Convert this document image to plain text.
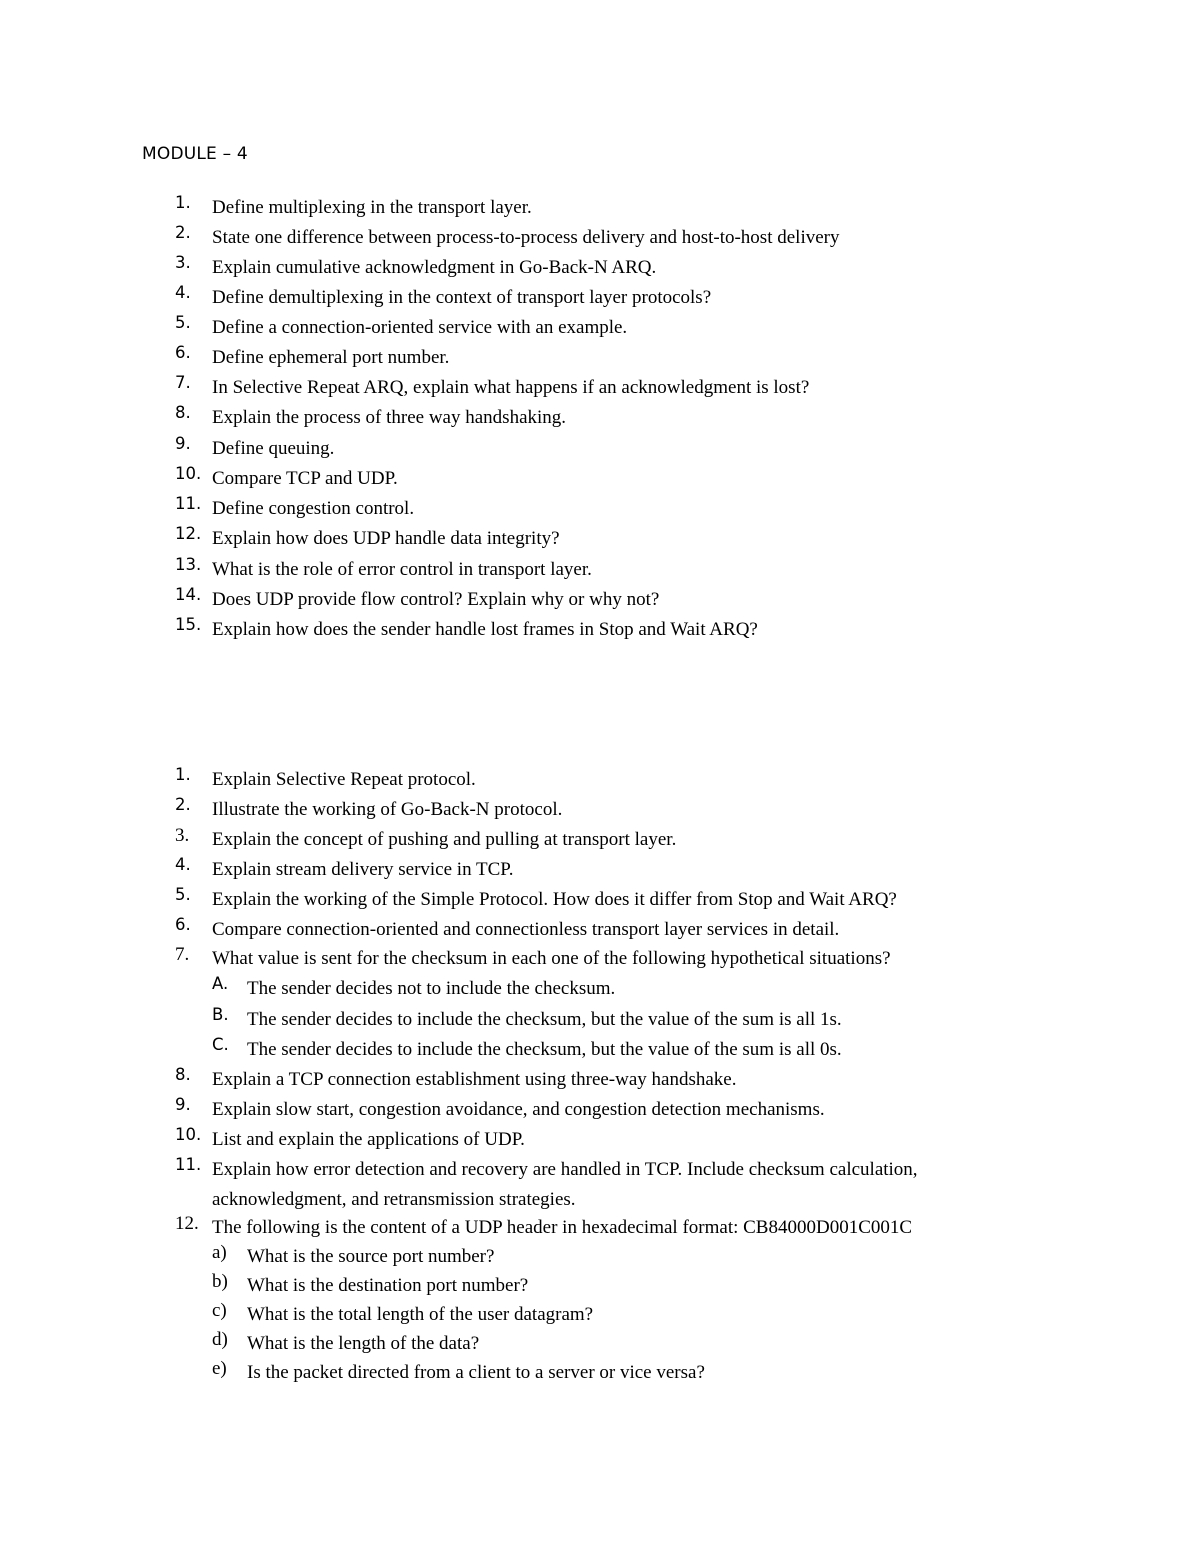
MODULE – 4
1. Define multiplexing in the transport layer.
2. State one difference between process-to-process delivery and host-to-host delivery
3. Explain cumulative acknowledgment in Go-Back-N ARQ.
4. Define demultiplexing in the context of transport layer protocols?
5. Define a connection-oriented service with an example.
6. Define ephemeral port number.
7. In Selective Repeat ARQ, explain what happens if an acknowledgment is lost?
8. Explain the process of three way handshaking.
9. Define queuing.
10. Compare TCP and UDP.
11. Define congestion control.
12. Explain how does UDP handle data integrity?
13. What is the role of error control in transport layer.
14. Does UDP provide flow control? Explain why or why not?
15. Explain how does the sender handle lost frames in Stop and Wait ARQ?
1. Explain Selective Repeat protocol.
2. Illustrate the working of Go-Back-N protocol.
3. Explain the concept of pushing and pulling at transport layer.
4. Explain stream delivery service in TCP.
5. Explain the working of the Simple Protocol. How does it differ from Stop and Wait ARQ?
6. Compare connection-oriented and connectionless transport layer services in detail.
7. What value is sent for the checksum in each one of the following hypothetical situations?
A. The sender decides not to include the checksum.
B. The sender decides to include the checksum, but the value of the sum is all 1s.
C. The sender decides to include the checksum, but the value of the sum is all 0s.
8. Explain a TCP connection establishment using three-way handshake.
9. Explain slow start, congestion avoidance, and congestion detection mechanisms.
10. List and explain the applications of UDP.
11. Explain how error detection and recovery are handled in TCP. Include checksum calculation,
acknowledgment, and retransmission strategies.
12. The following is the content of a UDP header in hexadecimal format: CB84000D001C001C
a) What is the source port number?
b) What is the destination port number?
c) What is the total length of the user datagram?
d) What is the length of the data?
e) Is the packet directed from a client to a server or vice versa?
